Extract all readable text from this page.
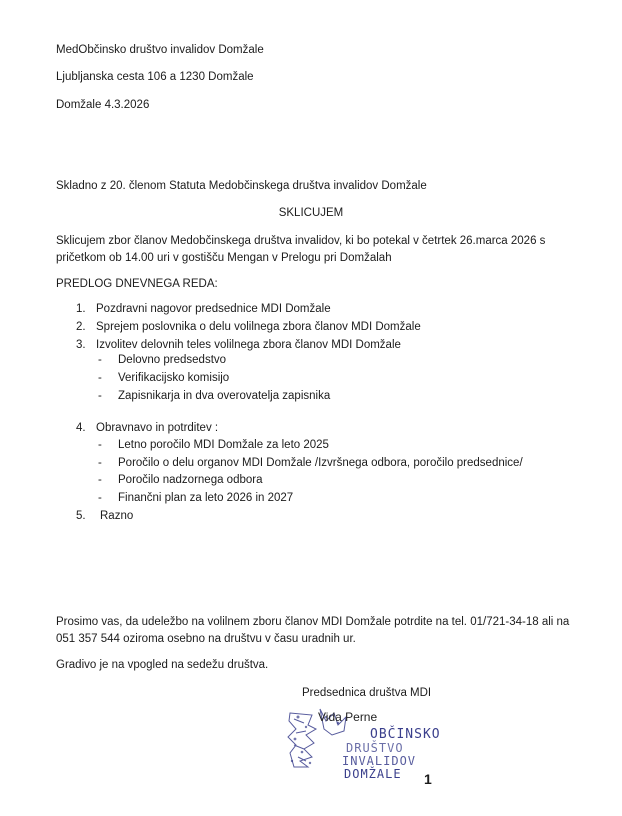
MedObčinsko društvo invalidov Domžale
Ljubljanska cesta 106 a 1230 Domžale
Domžale 4.3.2026
Skladno z 20. členom Statuta Medobčinskega društva invalidov Domžale
SKLICUJEM
Sklicujem zbor članov Medobčinskega društva invalidov, ki bo potekal v četrtek 26.marca 2026 s
pričetkom ob 14.00 uri v gostišču Mengan v Prelogu pri Domžalah
PREDLOG DNEVNEGA REDA:
1. Pozdravni nagovor predsednice MDI Domžale
2. Sprejem poslovnika o delu volilnega zbora članov MDI Domžale
3. Izvolitev delovnih teles volilnega zbora članov MDI Domžale
- Delovno predsedstvo
- Verifikacijsko komisijo
- Zapisnikarja in dva overovatelja zapisnika
4. Obravnavo in potrditev :
- Letno poročilo MDI Domžale za leto 2025
- Poročilo o delu organov MDI Domžale /Izvršnega odbora, poročilo predsednice/
- Poročilo nadzornega odbora
- Finančni plan za leto 2026 in 2027
5. Razno
Prosimo vas, da udeležbo na volilnem zboru članov MDI Domžale potrdite na tel. 01/721-34-18 ali na
051 357 544 oziroma osebno na društvu v času uradnih ur.
Gradivo je na vpogled na sedežu društva.
Predsednica društva MDI
Vida Perne
OBČINSKO
DRUŠTVO
INVALIDOV
DOMŽALE 1
